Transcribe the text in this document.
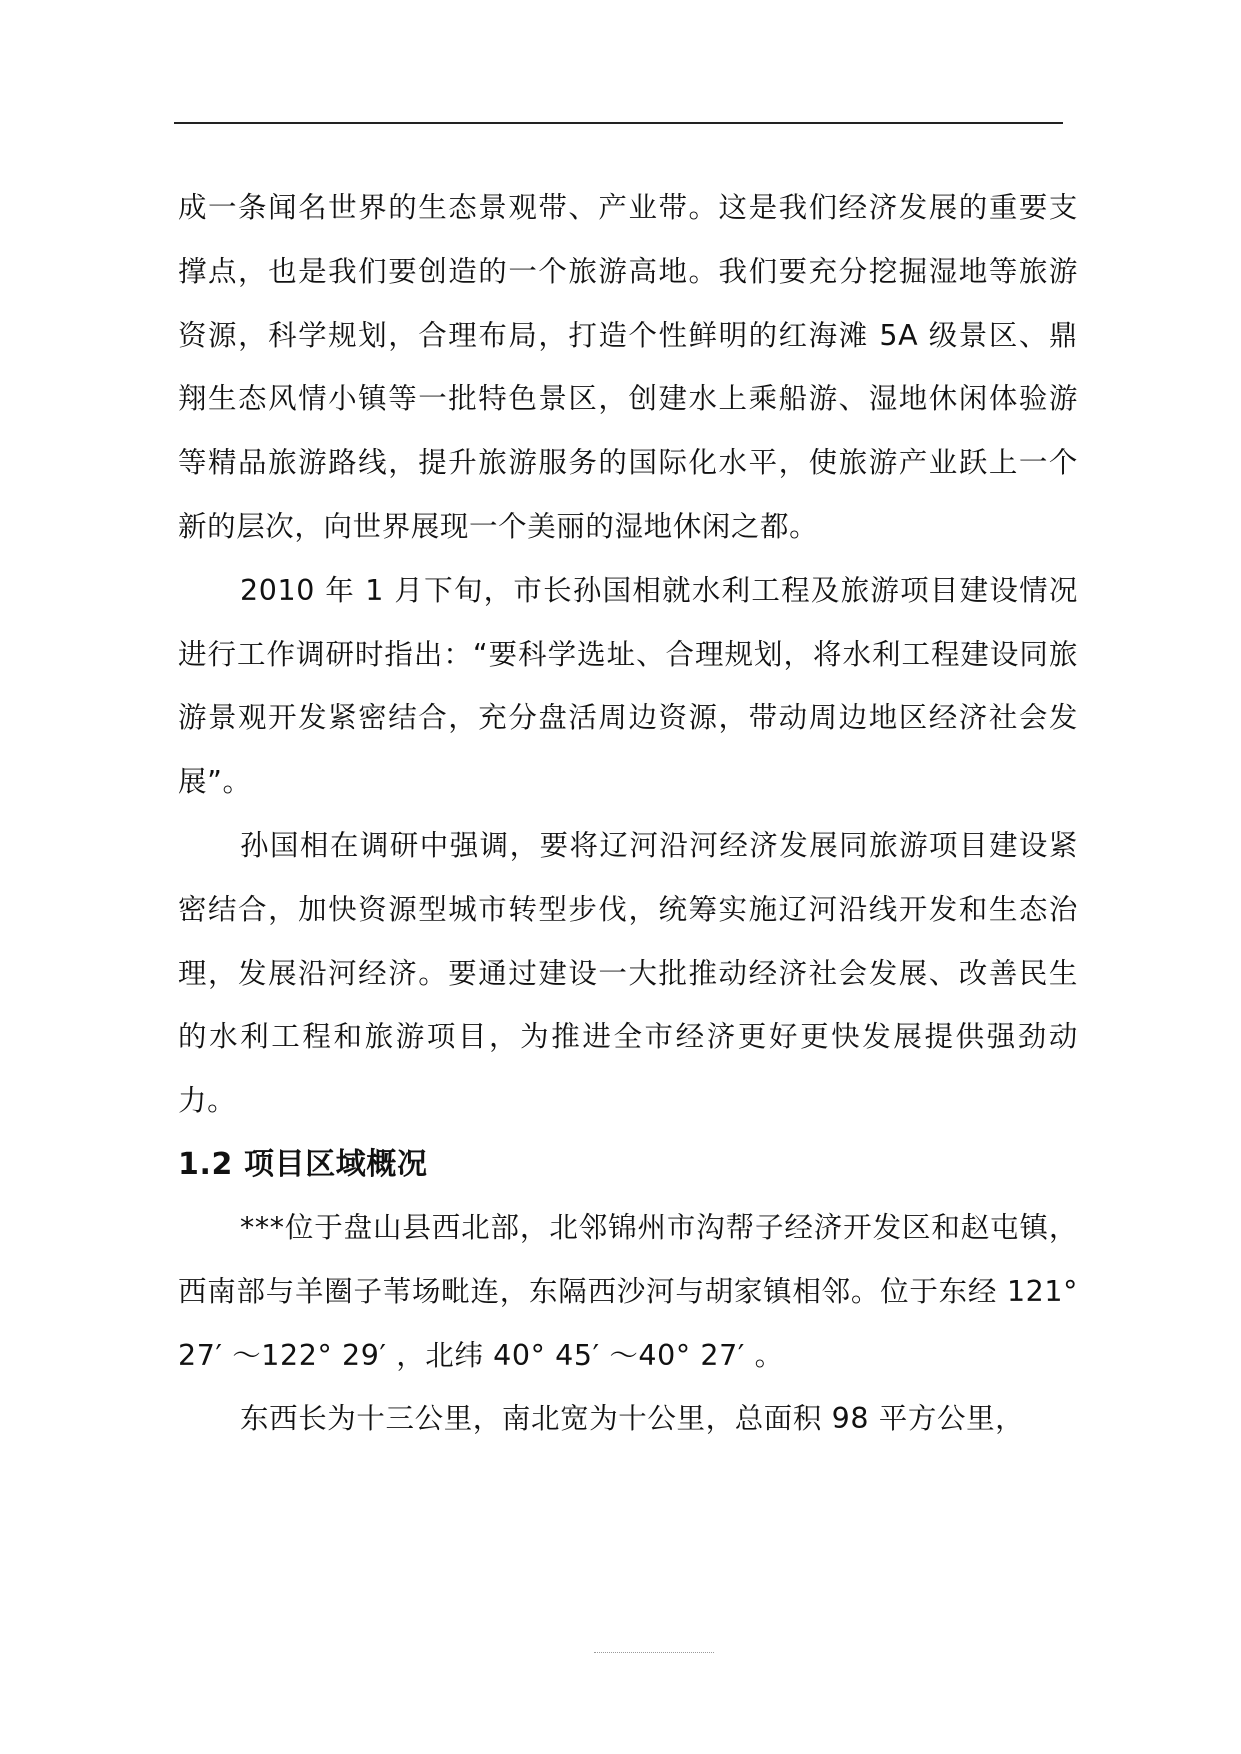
成一条闻名世界的生态景观带、产业带。这是我们经济发展的重要支撑点，也是我们要创造的一个旅游高地。我们要充分挖掘湿地等旅游资源，科学规划，合理布局，打造个性鲜明的红海滩 5A 级景区、鼎翔生态风情小镇等一批特色景区，创建水上乘船游、湿地休闲体验游等精品旅游路线，提升旅游服务的国际化水平，使旅游产业跃上一个新的层次，向世界展现一个美丽的湿地休闲之都。

2010 年 1 月下旬，市长孙国相就水利工程及旅游项目建设情况进行工作调研时指出：“要科学选址、合理规划，将水利工程建设同旅游景观开发紧密结合，充分盘活周边资源，带动周边地区经济社会发展”。

孙国相在调研中强调，要将辽河沿河经济发展同旅游项目建设紧密结合，加快资源型城市转型步伐，统筹实施辽河沿线开发和生态治理，发展沿河经济。要通过建设一大批推动经济社会发展、改善民生的水利工程和旅游项目，为推进全市经济更好更快发展提供强劲动力。

1.2 项目区域概况

***位于盘山县西北部，北邻锦州市沟帮子经济开发区和赵屯镇，西南部与羊圈子苇场毗连，东隔西沙河与胡家镇相邻。位于东经 121° 27′ ～122° 29′ ，北纬 40° 45′ ～40° 27′ 。

东西长为十三公里，南北宽为十公里，总面积 98 平方公里，
